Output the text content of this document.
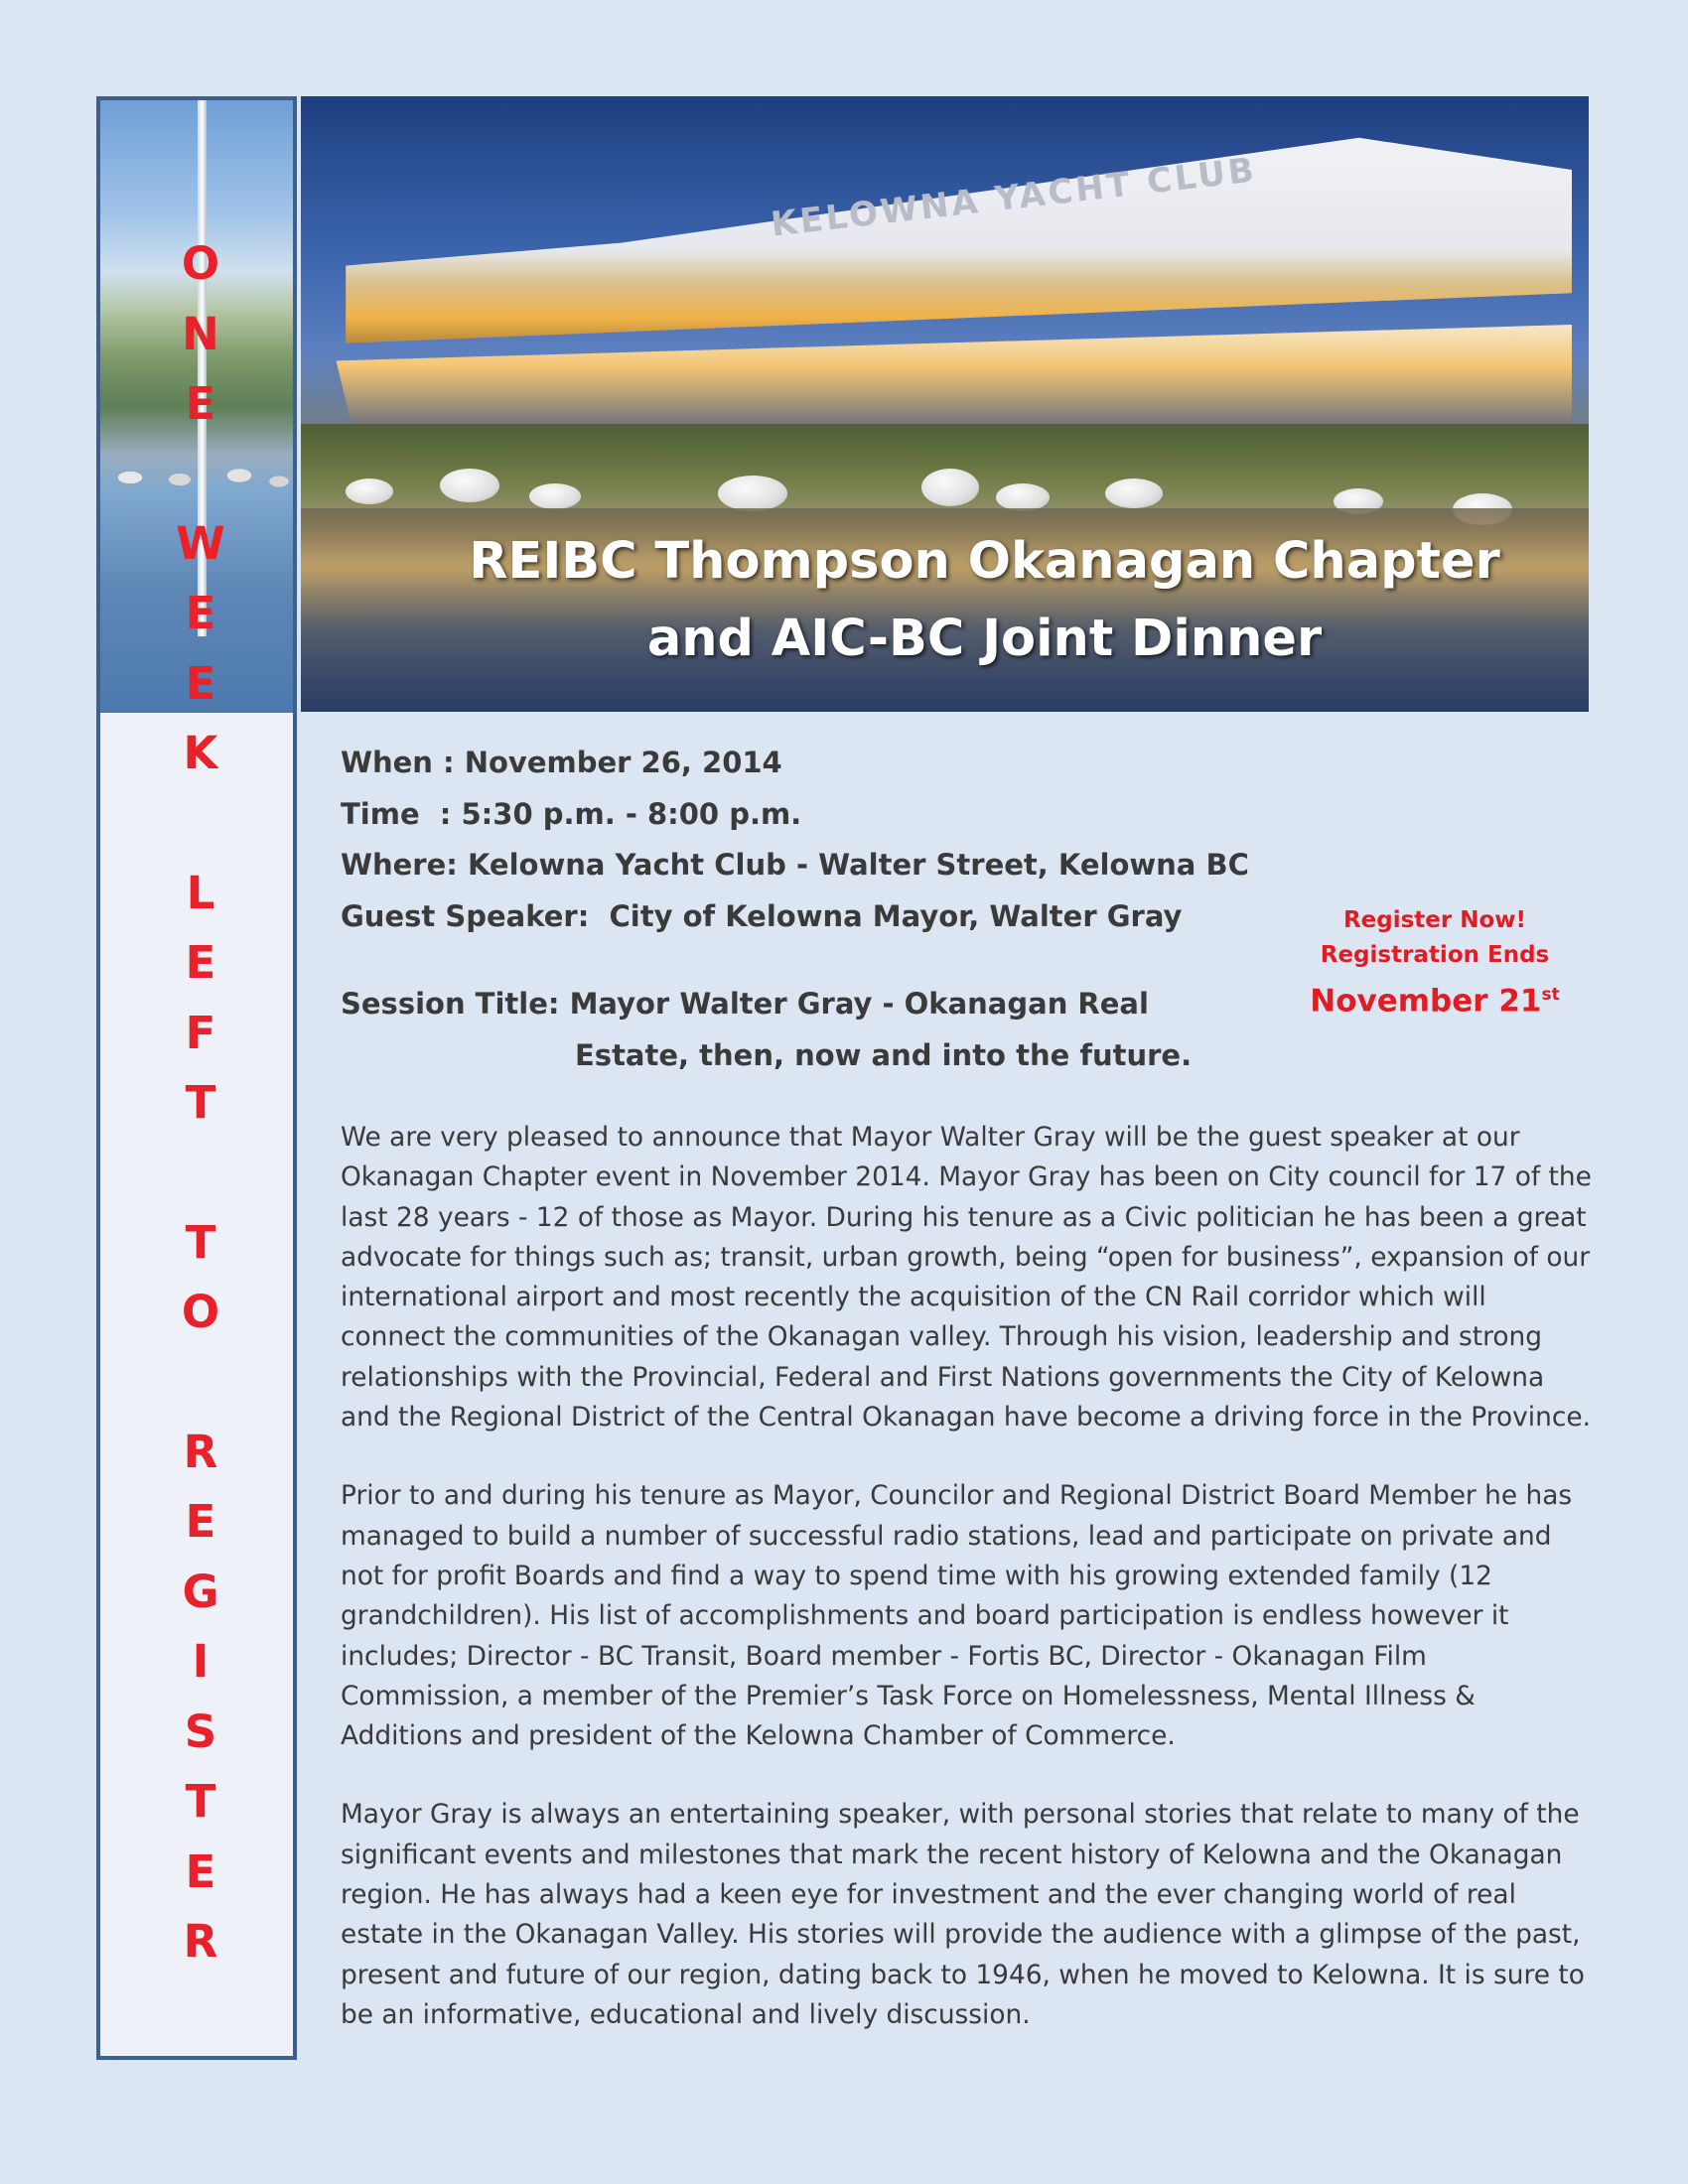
O
N
E
W
E
E
K
L
E
F
T
T
O
R
E
G
I
S
T
E
R
KELOWNA YACHT CLUB
REIBC Thompson Okanagan Chapter
and AIC-BC Joint Dinner

When : November 26, 2014

Time  : 5:30 p.m. - 8:00 p.m.

Where: Kelowna Yacht Club - Walter Street, Kelowna BC

Guest Speaker:  City of Kelowna Mayor, Walter Gray

Session Title: Mayor Walter Gray - Okanagan Real

Estate, then, now and into the future.

Register Now!

Registration Ends

November 21st

We are very pleased to announce that Mayor Walter Gray will be the guest speaker at our Okanagan Chapter event in November 2014. Mayor Gray has been on City council for 17 of the last 28 years - 12 of those as Mayor. During his tenure as a Civic politician he has been a great advocate for things such as; transit, urban growth, being “open for business”, expansion of our international airport and most recently the acquisition of the CN Rail corridor which will connect the communities of the Okanagan valley. Through his vision, leadership and strong relationships with the Provincial, Federal and First Nations governments the City of Kelowna and the Regional District of the Central Okanagan have become a driving force in the Province.

Prior to and during his tenure as Mayor, Councilor and Regional District Board Member he has managed to build a number of successful radio stations, lead and participate on private and not for profit Boards and find a way to spend time with his growing extended family (12 grandchildren). His list of accomplishments and board participation is endless however it includes; Director - BC Transit, Board member - Fortis BC, Director - Okanagan Film Commission, a member of the Premier’s Task Force on Homelessness, Mental Illness & Additions and president of the Kelowna Chamber of Commerce.

Mayor Gray is always an entertaining speaker, with personal stories that relate to many of the significant events and milestones that mark the recent history of Kelowna and the Okanagan region. He has always had a keen eye for investment and the ever changing world of real estate in the Okanagan Valley. His stories will provide the audience with a glimpse of the past, present and future of our region, dating back to 1946, when he moved to Kelowna. It is sure to be an informative, educational and lively discussion.
